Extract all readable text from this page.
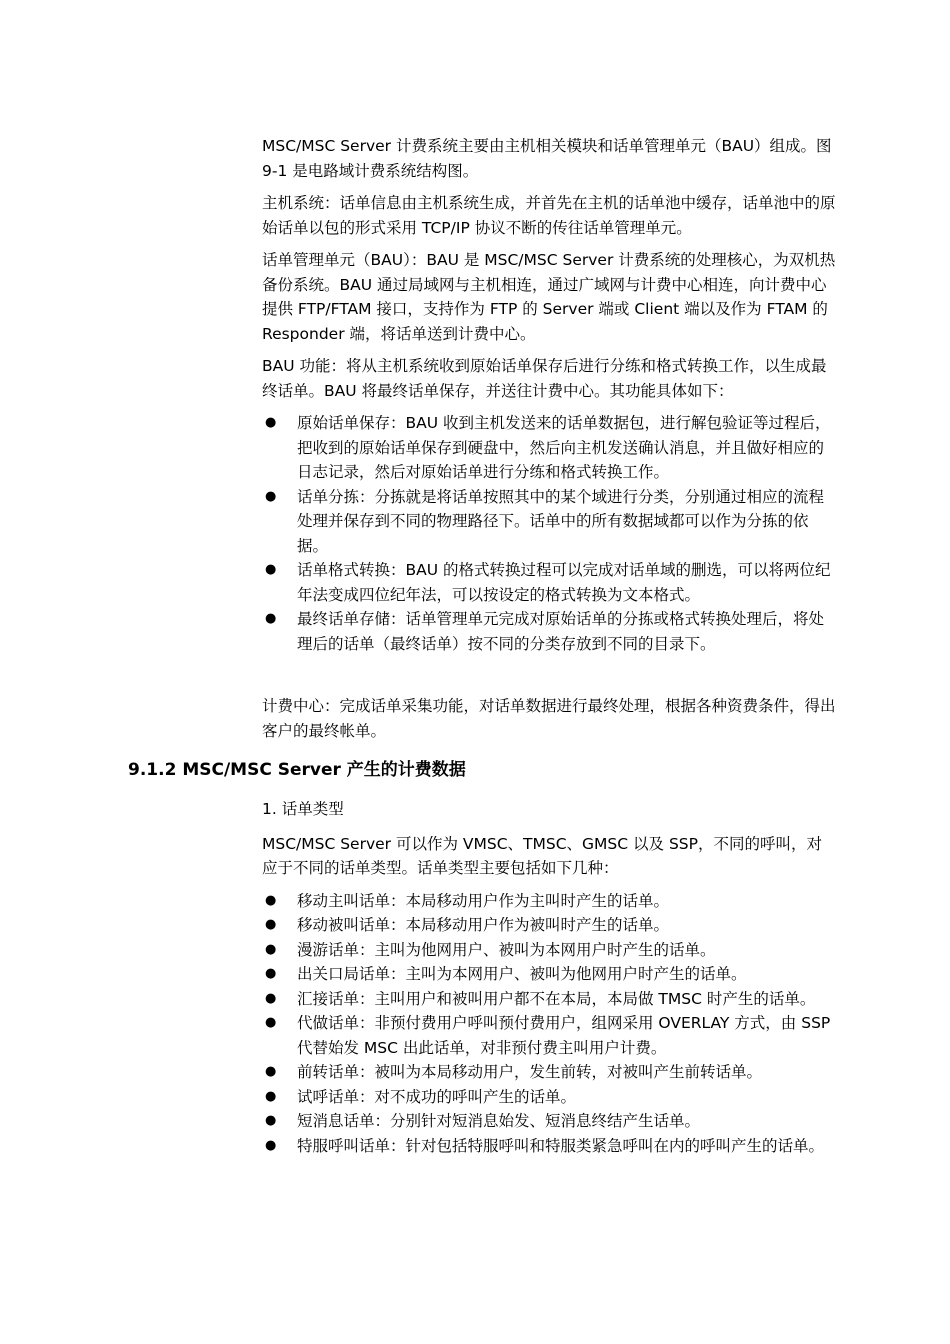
MSC/MSC Server 计费系统主要由主机相关模块和话单管理单元（BAU）组成。图 9-1 是电路域计费系统结构图。

主机系统：话单信息由主机系统生成，并首先在主机的话单池中缓存，话单池中的原始话单以包的形式采用 TCP/IP 协议不断的传往话单管理单元。

话单管理单元（BAU）：BAU 是 MSC/MSC Server 计费系统的处理核心，为双机热备份系统。BAU 通过局域网与主机相连，通过广域网与计费中心相连，向计费中心提供 FTP/FTAM 接口，支持作为 FTP 的 Server 端或 Client 端以及作为 FTAM 的 Responder 端，将话单送到计费中心。

BAU 功能：将从主机系统收到原始话单保存后进行分练和格式转换工作，以生成最终话单。BAU 将最终话单保存，并送往计费中心。其功能具体如下：

● 原始话单保存：BAU 收到主机发送来的话单数据包，进行解包验证等过程后，把收到的原始话单保存到硬盘中，然后向主机发送确认消息，并且做好相应的日志记录，然后对原始话单进行分练和格式转换工作。
● 话单分拣：分拣就是将话单按照其中的某个域进行分类，分别通过相应的流程处理并保存到不同的物理路径下。话单中的所有数据域都可以作为分拣的依据。
● 话单格式转换：BAU 的格式转换过程可以完成对话单域的删选，可以将两位纪年法变成四位纪年法，可以按设定的格式转换为文本格式。
● 最终话单存储：话单管理单元完成对原始话单的分拣或格式转换处理后，将处理后的话单（最终话单）按不同的分类存放到不同的目录下。

计费中心：完成话单采集功能，对话单数据进行最终处理，根据各种资费条件，得出客户的最终帐单。

9.1.2 MSC/MSC Server 产生的计费数据

1. 话单类型

MSC/MSC Server 可以作为 VMSC、TMSC、GMSC 以及 SSP，不同的呼叫，对应于不同的话单类型。话单类型主要包括如下几种：

● 移动主叫话单：本局移动用户作为主叫时产生的话单。
● 移动被叫话单：本局移动用户作为被叫时产生的话单。
● 漫游话单：主叫为他网用户、被叫为本网用户时产生的话单。
● 出关口局话单：主叫为本网用户、被叫为他网用户时产生的话单。
● 汇接话单：主叫用户和被叫用户都不在本局，本局做 TMSC 时产生的话单。
● 代做话单：非预付费用户呼叫预付费用户，组网采用 OVERLAY 方式，由 SSP 代替始发 MSC 出此话单，对非预付费主叫用户计费。
● 前转话单：被叫为本局移动用户，发生前转，对被叫产生前转话单。
● 试呼话单：对不成功的呼叫产生的话单。
● 短消息话单：分别针对短消息始发、短消息终结产生话单。
● 特服呼叫话单：针对包括特服呼叫和特服类紧急呼叫在内的呼叫产生的话单。
